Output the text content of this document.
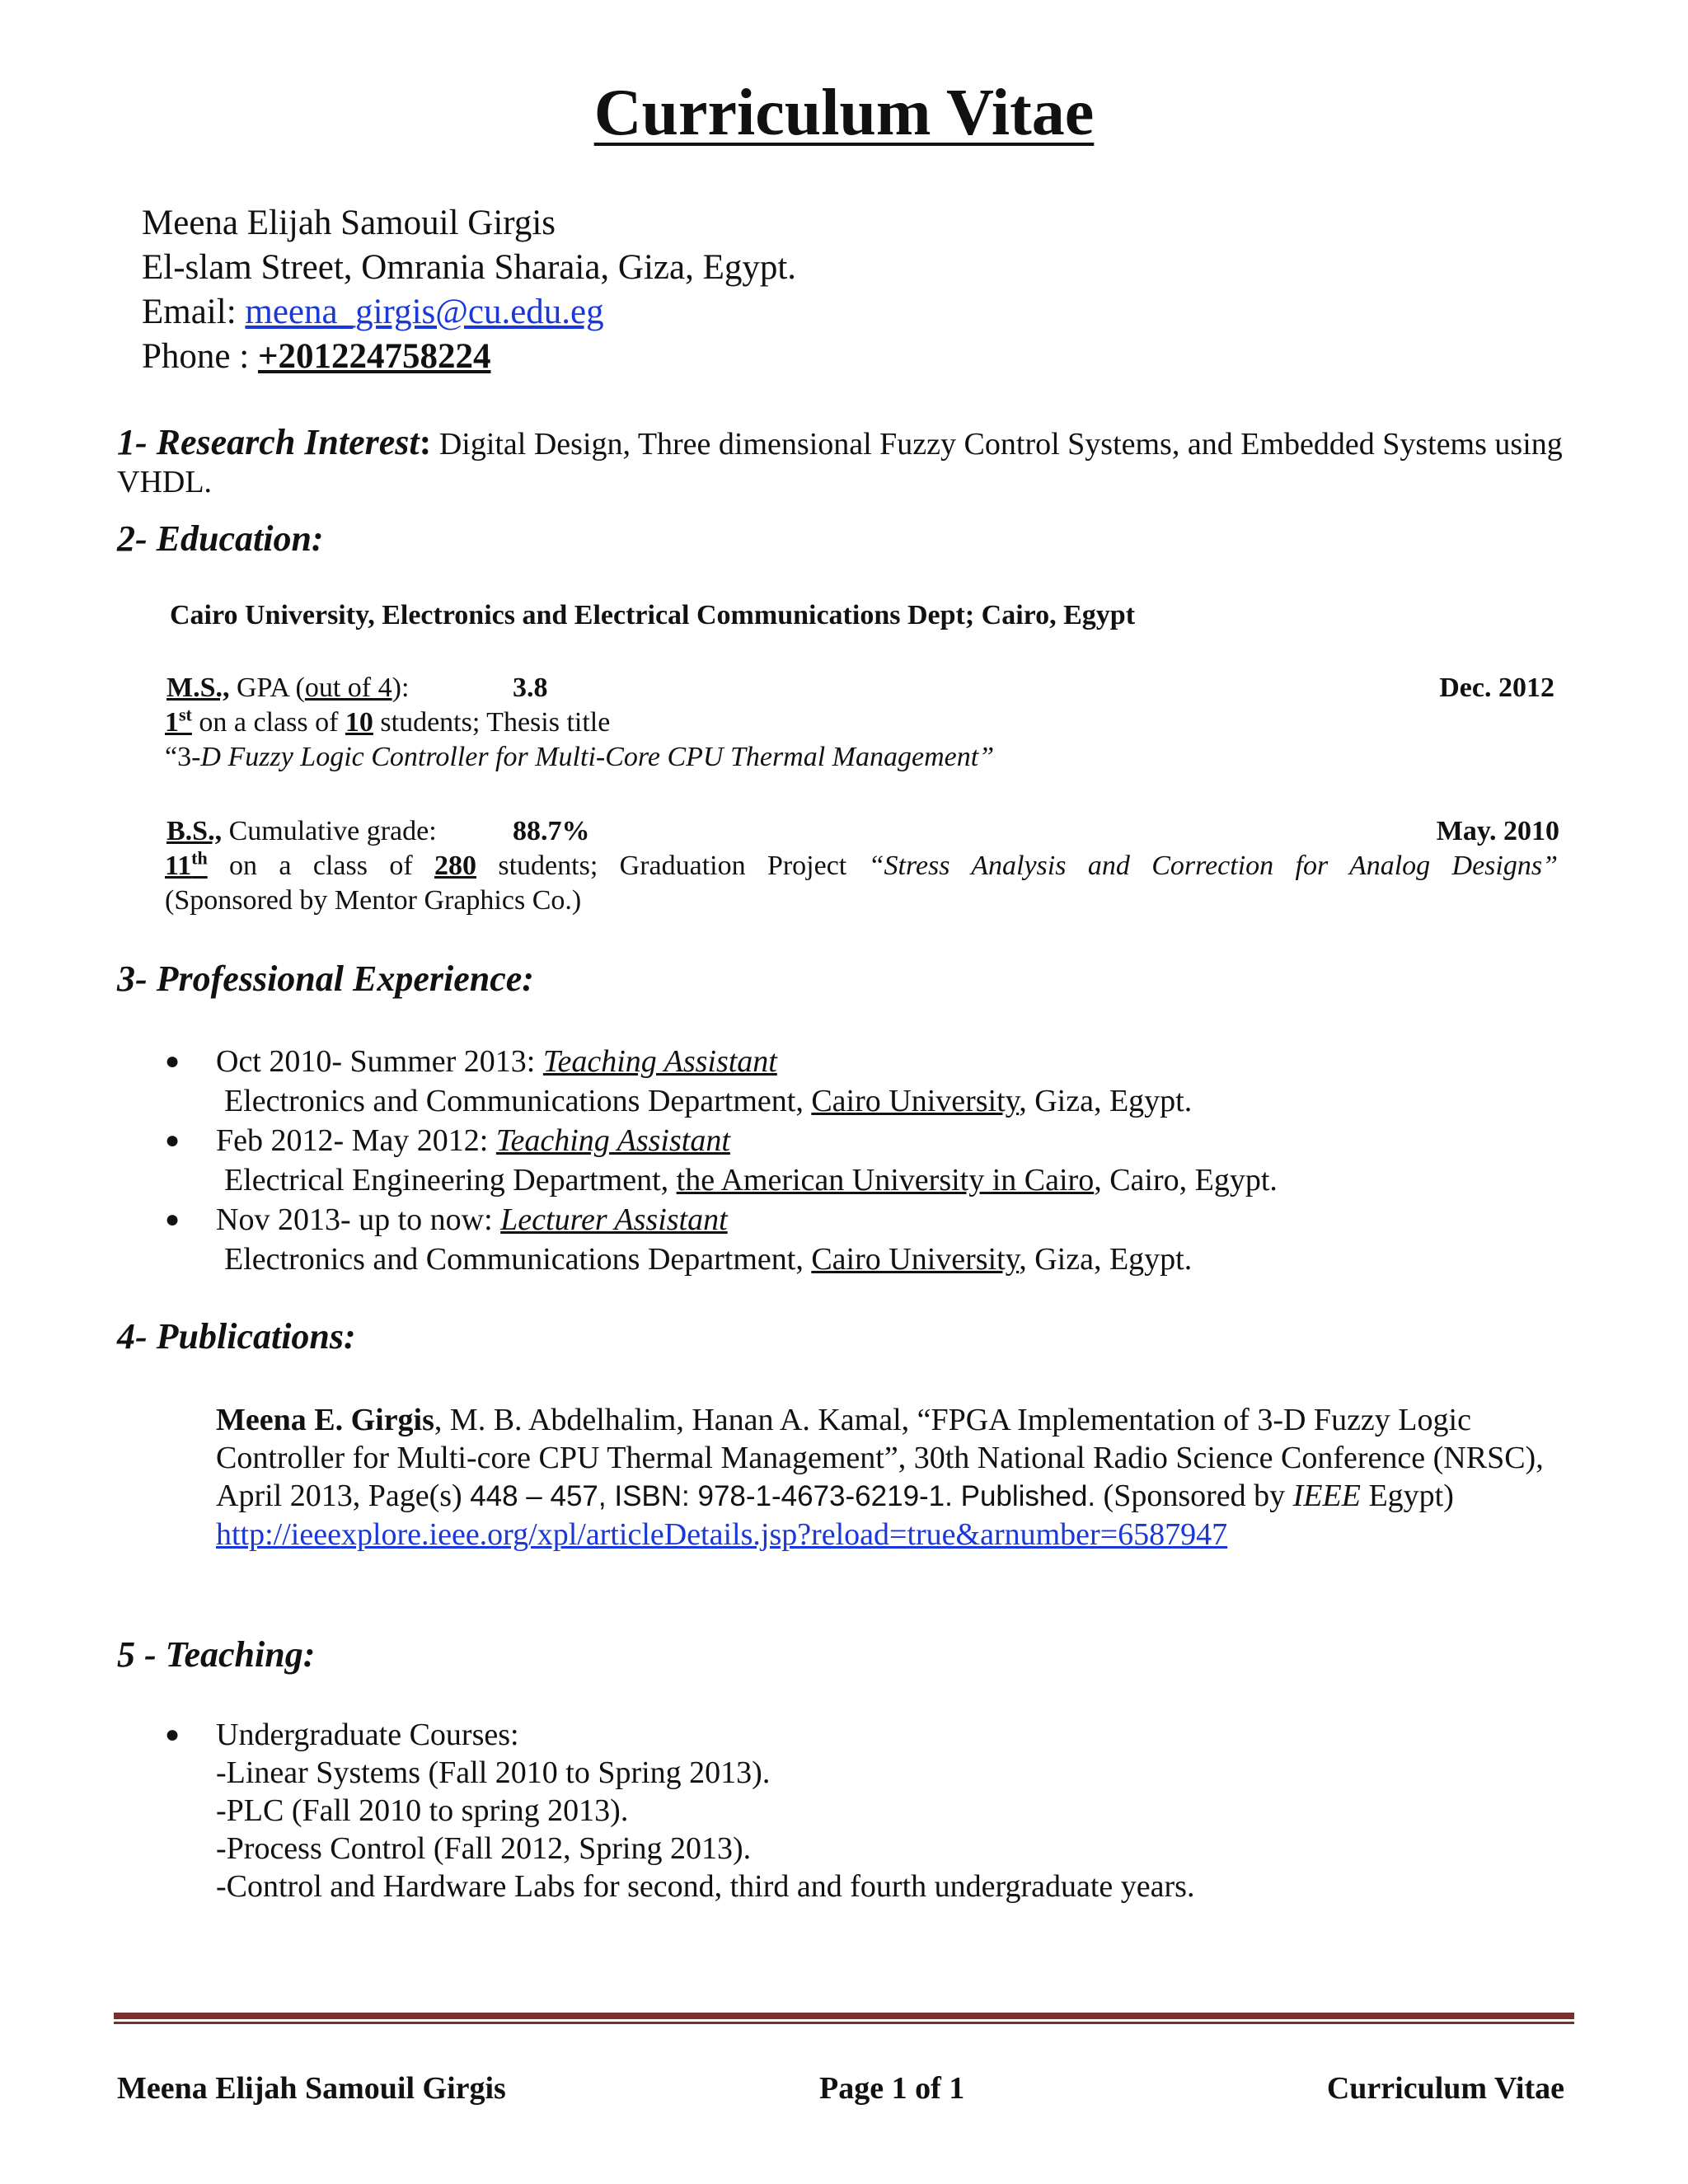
Curriculum Vitae
Meena Elijah Samouil Girgis
El-slam Street, Omrania Sharaia, Giza, Egypt.
Email: meena_girgis@cu.edu.eg
Phone : +201224758224
1- Research Interest: Digital Design, Three dimensional Fuzzy Control Systems, and Embedded Systems using VHDL.
2- Education:
Cairo University, Electronics and Electrical Communications Dept; Cairo, Egypt
M.S., GPA (out of 4):	3.8	Dec. 2012
1st on a class of 10 students; Thesis title
“3-D Fuzzy Logic Controller for Multi-Core CPU Thermal Management”
B.S., Cumulative grade:	88.7%	May. 2010
11th on a class of 280 students; Graduation Project “Stress Analysis and Correction for Analog Designs”
(Sponsored by Mentor Graphics Co.)
3- Professional Experience:
● Oct 2010- Summer 2013: Teaching Assistant
Electronics and Communications Department, Cairo University, Giza, Egypt.
● Feb 2012- May 2012: Teaching Assistant
Electrical Engineering Department, the American University in Cairo, Cairo, Egypt.
● Nov 2013- up to now: Lecturer Assistant
Electronics and Communications Department, Cairo University, Giza, Egypt.
4- Publications:
Meena E. Girgis, M. B. Abdelhalim, Hanan A. Kamal, “FPGA Implementation of 3-D Fuzzy Logic Controller for Multi-core CPU Thermal Management”, 30th National Radio Science Conference (NRSC), April 2013, Page(s) 448 – 457, ISBN: 978-1-4673-6219-1. Published. (Sponsored by IEEE Egypt)
http://ieeexplore.ieee.org/xpl/articleDetails.jsp?reload=true&arnumber=6587947
5 - Teaching:
● Undergraduate Courses:
-Linear Systems (Fall 2010 to Spring 2013).
-PLC (Fall 2010 to spring 2013).
-Process Control (Fall 2012, Spring 2013).
-Control and Hardware Labs for second, third and fourth undergraduate years.
Meena Elijah Samouil Girgis	Page 1 of 1	Curriculum Vitae
